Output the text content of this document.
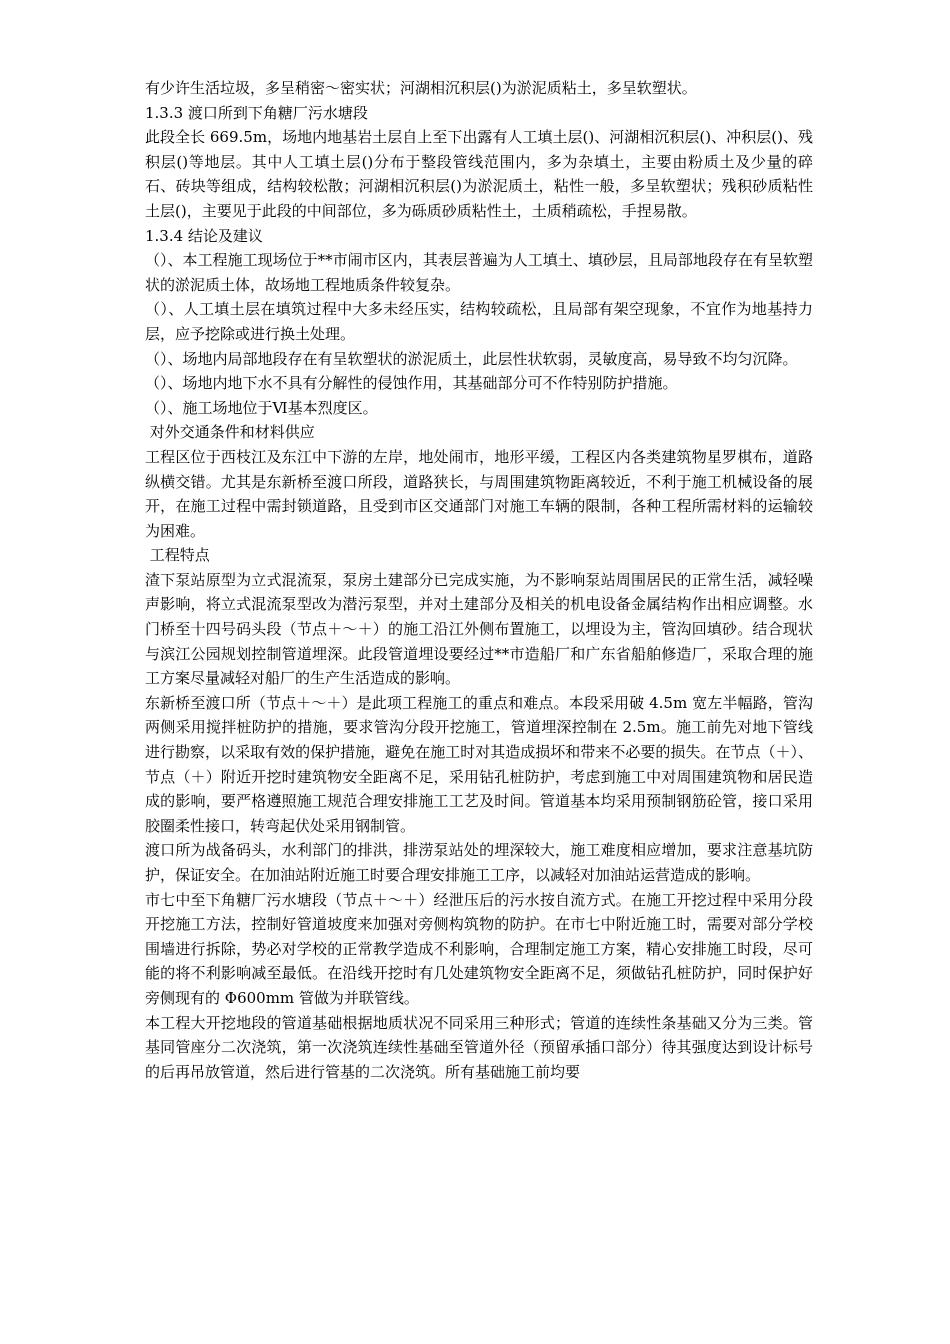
有少许生活垃圾，多呈稍密～密实状；河湖相沉积层()为淤泥质粘土，多呈软塑状。

1.3.3 渡口所到下角糖厂污水塘段

此段全长 669.5m，场地内地基岩土层自上至下出露有人工填土层()、河湖相沉积层()、冲积层()、残积层()等地层。其中人工填土层()分布于整段管线范围内，多为杂填土，主要由粉质土及少量的碎石、砖块等组成，结构较松散；河湖相沉积层()为淤泥质土，粘性一般，多呈软塑状；残积砂质粘性土层()，主要见于此段的中间部位，多为砾质砂质粘性土，土质稍疏松，手捏易散。

1.3.4 结论及建议

（）、本工程施工现场位于**市闹市区内，其表层普遍为人工填土、填砂层，且局部地段存在有呈软塑状的淤泥质土体，故场地工程地质条件较复杂。

（）、人工填土层在填筑过程中大多未经压实，结构较疏松，且局部有架空现象，不宜作为地基持力层，应予挖除或进行换土处理。

（）、场地内局部地段存在有呈软塑状的淤泥质土，此层性状软弱，灵敏度高，易导致不均匀沉降。

（）、场地内地下水不具有分解性的侵蚀作用，其基础部分可不作特别防护措施。

（）、施工场地位于Ⅵ基本烈度区。

对外交通条件和材料供应

工程区位于西枝江及东江中下游的左岸，地处闹市，地形平缓，工程区内各类建筑物星罗棋布，道路纵横交错。尤其是东新桥至渡口所段，道路狭长，与周围建筑物距离较近，不利于施工机械设备的展开，在施工过程中需封锁道路，且受到市区交通部门对施工车辆的限制，各种工程所需材料的运输较为困难。

工程特点

渣下泵站原型为立式混流泵，泵房土建部分已完成实施，为不影响泵站周围居民的正常生活，减轻噪声影响，将立式混流泵型改为潜污泵型，并对土建部分及相关的机电设备金属结构作出相应调整。水门桥至十四号码头段（节点＋～＋）的施工沿江外侧布置施工，以埋设为主，管沟回填砂。结合现状与滨江公园规划控制管道埋深。此段管道埋设要经过**市造船厂和广东省船舶修造厂，采取合理的施工方案尽量减轻对船厂的生产生活造成的影响。

东新桥至渡口所（节点＋～＋）是此项工程施工的重点和难点。本段采用破 4.5m 宽左半幅路，管沟两侧采用搅拌桩防护的措施，要求管沟分段开挖施工，管道埋深控制在 2.5m。施工前先对地下管线进行勘察，以采取有效的保护措施，避免在施工时对其造成损坏和带来不必要的损失。在节点（＋）、节点（＋）附近开挖时建筑物安全距离不足，采用钻孔桩防护，考虑到施工中对周围建筑物和居民造成的影响，要严格遵照施工规范合理安排施工工艺及时间。管道基本均采用预制钢筋砼管，接口采用胶圈柔性接口，转弯起伏处采用钢制管。

渡口所为战备码头，水利部门的排洪，排涝泵站处的埋深较大，施工难度相应增加，要求注意基坑防护，保证安全。在加油站附近施工时要合理安排施工工序，以减轻对加油站运营造成的影响。

市七中至下角糖厂污水塘段（节点＋～＋）经泄压后的污水按自流方式。在施工开挖过程中采用分段开挖施工方法，控制好管道坡度来加强对旁侧构筑物的防护。在市七中附近施工时，需要对部分学校围墙进行拆除，势必对学校的正常教学造成不利影响，合理制定施工方案，精心安排施工时段，尽可能的将不利影响减至最低。在沿线开挖时有几处建筑物安全距离不足，须做钻孔桩防护，同时保护好旁侧现有的 Φ600mm 管做为并联管线。

本工程大开挖地段的管道基础根据地质状况不同采用三种形式；管道的连续性条基础又分为三类。管基同管座分二次浇筑，第一次浇筑连续性基础至管道外径（预留承插口部分）待其强度达到设计标号的后再吊放管道，然后进行管基的二次浇筑。所有基础施工前均要
